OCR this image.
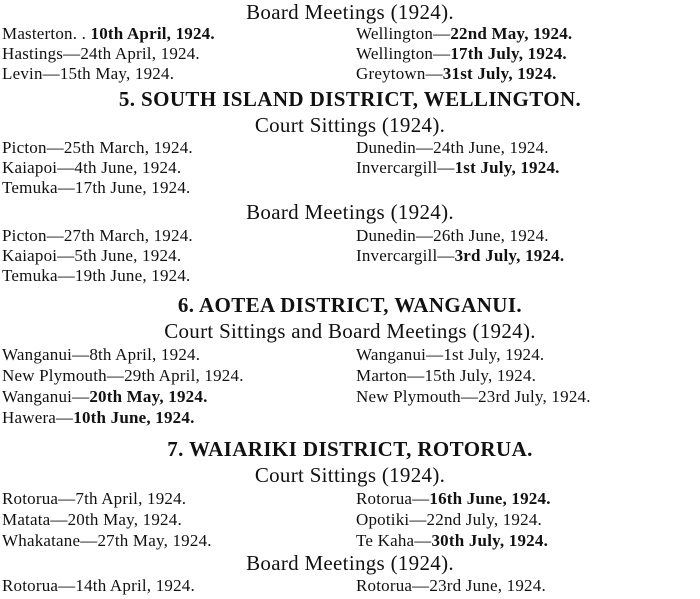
Board Meetings (1924).
Masterton. . 10th April, 1924.	Wellington—22nd May, 1924.
Hastings—24th April, 1924.	Wellington—17th July, 1924.
Levin—15th May, 1924.	Greytown—31st July, 1924.
5. SOUTH ISLAND DISTRICT, WELLINGTON.
Court Sittings (1924).
Picton—25th March, 1924.	Dunedin—24th June, 1924.
Kaiapoi—4th June, 1924.	Invercargill—1st July, 1924.
Temuka—17th June, 1924.
Board Meetings (1924).
Picton—27th March, 1924.	Dunedin—26th June, 1924.
Kaiapoi—5th June, 1924.	Invercargill—3rd July, 1924.
Temuka—19th June, 1924.
6. AOTEA DISTRICT, WANGANUI.
Court Sittings and Board Meetings (1924).
Wanganui—8th April, 1924.	Wanganui—1st July, 1924.
New Plymouth—29th April, 1924.	Marton—15th July, 1924.
Wanganui—20th May, 1924.	New Plymouth—23rd July, 1924.
Hawera—10th June, 1924.
7. WAIARIKI DISTRICT, ROTORUA.
Court Sittings (1924).
Rotorua—7th April, 1924.	Rotorua—16th June, 1924.
Matata—20th May, 1924.	Opotiki—22nd July, 1924.
Whakatane—27th May, 1924.	Te Kaha—30th July, 1924.
Board Meetings (1924).
Rotorua—14th April, 1924.	Rotorua—23rd June, 1924.
